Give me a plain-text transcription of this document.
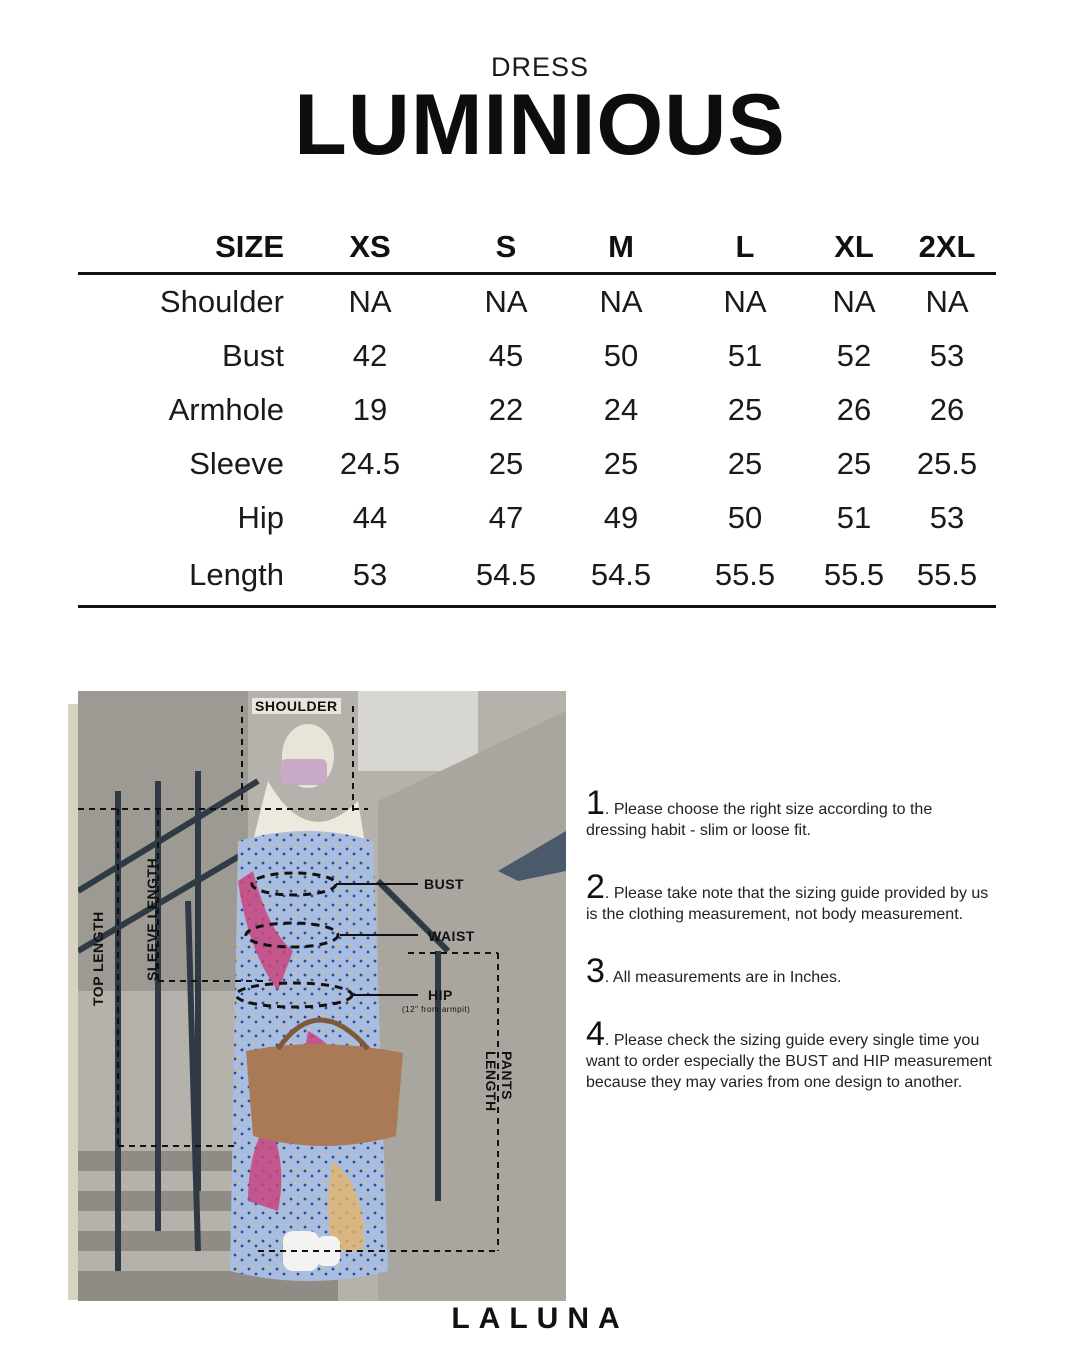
DRESS
LUMINIOUS
SIZE	XS	S	M	L	XL	2XL
Shoulder	NA	NA	NA	NA	NA	NA
Bust	42	45	50	51	52	53
Armhole	19	22	24	25	26	26
Sleeve	24.5	25	25	25	25	25.5
Hip	44	47	49	50	51	53
Length	53	54.5	54.5	55.5	55.5	55.5
SHOULDER
BUST
WAIST
HIP
(12" from armpit)
TOP LENGTH	SLEEVE LENGTH
PANTS LENGTH
1. Please choose the right size according to the dressing habit - slim or loose fit.
2. Please take note that the sizing guide provided by us is the clothing measurement, not body measurement.
3. All measurements are in Inches.
4. Please check the sizing guide every single time you want to order especially the BUST and HIP measurement because they may varies from one design to another.
LALUNA
